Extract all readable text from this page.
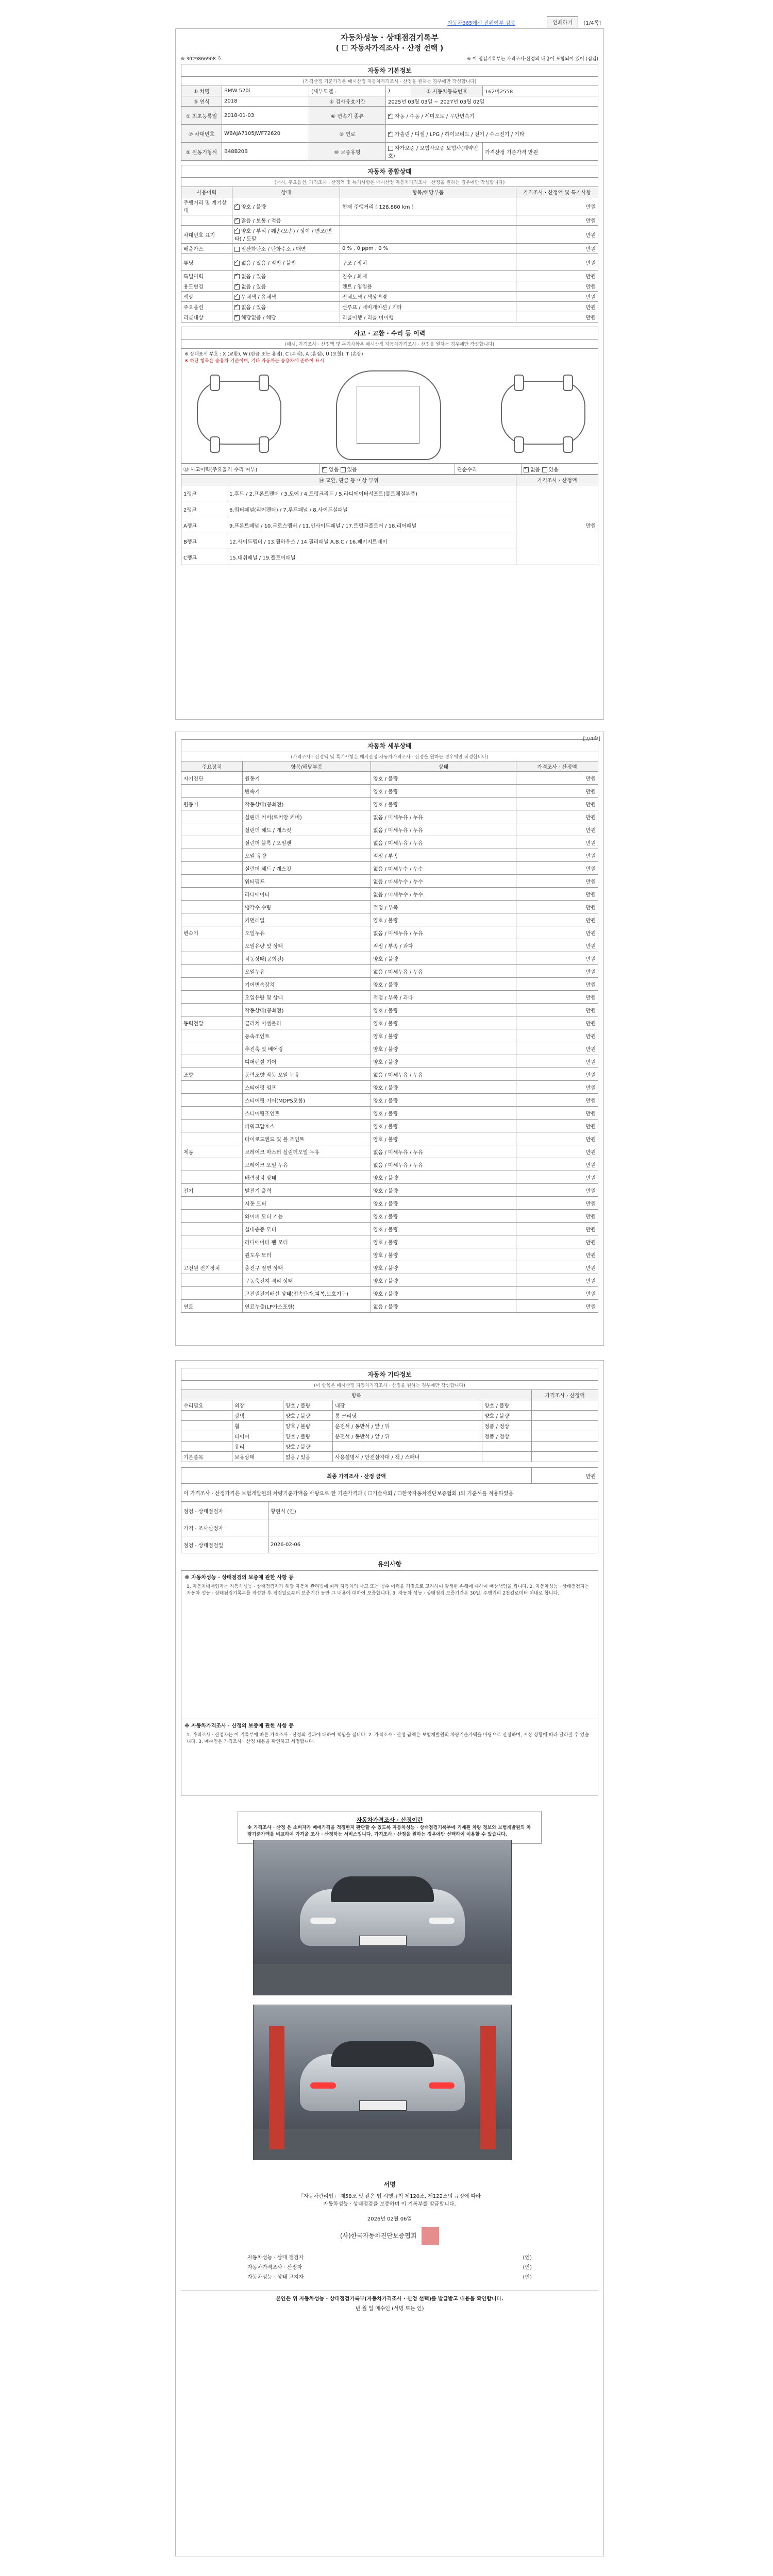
자동차365에서 진위여부 검증	인쇄하기	[1/4쪽]
자동차성능 · 상태점검기록부
( ☐ 자동차가격조사 · 산정 선택 )
※ 3029866908 호	※ 이 점검기록부는 가격조사·산정의 내용이 포함되어 있어 (점검)
자동차 기본정보
(가격산정 기준가격은 매시산정 자동차가격조사 · 산정을 원하는 경우에만 작성합니다)
① 차명	BMW 520i	(세부모델 :	)	② 자동차등록번호	162머2558
③ 연식	2018	④ 검사유효기간	2025년 03월 03일 ~ 2027년 03월 02일		
⑤ 최초등록일	2018-01-03	⑥ 변속기 종류	✓자동 / 수동 / 세미오토 / 무단변속기
⑦ 차대번호	WBAJA7105JWF72620	⑧ 연료	✓가솔린 / 디젤 / LPG / 하이브리드 / 전기 / 수소전기 / 기타
⑨ 원동기형식	B48B20B	⑩ 보증유형	자가보증 / 보험사보증 보험사(계약번호)		가격산정 기준가격 만원
자동차 종합상태
(매시, 주요옵션, 가격조사 · 산정액 및 특기사항은 매시산정 자동차가격조사 · 산정을 원하는 경우에만 작성합니다)
사용이력	상태	항목/해당부품	가격조사 · 산정액 및 특기사항
주행거리 및 계기상태	✓양호 / 불량	현재 주행거리 [ 128,880 km ]	만원
	✓많음 / 보통 / 적음		만원
차대번호 표기	✓양호 / 부식 / 훼손(오손) / 상이 / 변조(변타) / 도말		만원
배출가스	일산화탄소 / 탄화수소 / 매연	0 % , 0 ppm , 0 %	만원
튜닝	✓없음 / 있음 / 적법 / 불법	구조 / 장치	만원
특별이력	✓없음 / 있음	침수 / 화재	만원
용도변경	✓없음 / 있음	렌트 / 영업용	만원
색상	✓무채색 / 유채색	전체도색 / 색상변경	만원
주요옵션	✓없음 / 있음	선루프 / 네비게이션 / 기타	만원
리콜대상	✓해당없음 / 해당	리콜이행 / 리콜 미이행	만원
사고 · 교환 · 수리 등 이력
(매시, 가격조사 · 산정액 및 특기사항은 매시산정 자동차가격조사 · 산정을 원하는 경우에만 작성합니다)
※ 상태표시 부호 : X (교환), W (판금 또는 용접), C (부식), A (흠집), U (요철), T (손상)
※ 하단 항목은 승용차 기준이며, 기타 자동차는 승용차에 준하여 표시
⑬ 사고이력(주요골격 수리 여부)	✓없음 있음	단순수리	✓없음 있음
⑭ 교환, 판금 등 이상 부위		가격조사 · 산정액
1랭크	1.후드 / 2.프론트펜더 / 3.도어 / 4.트렁크리드 / 5.라디에이터서포트(볼트체결부품)	만원
2랭크	6.쿼터패널(리어펜더) / 7.루프패널 / 8.사이드실패널	
A랭크	9.프론트패널 / 10.크로스멤버 / 11.인사이드패널 / 17.트렁크플로어 / 18.리어패널	
B랭크	12.사이드멤버 / 13.휠하우스 / 14.필러패널 A.B.C / 16.패키지트레이	
C랭크	15.대쉬패널 / 19.플로어패널	
[2/4쪽]
자동차 세부상태
(가격조사 · 산정액 및 특기사항은 매시산정 자동차가격조사 · 산정을 원하는 경우에만 작성합니다)
주요장치	항목/해당부품	상태	가격조사 · 산정액
자기진단	원동기	양호 / 불량	만원
	변속기	양호 / 불량	만원
원동기	작동상태(공회전)	양호 / 불량	만원
	실린더 커버(로커암 커버)	없음 / 미세누유 / 누유	만원
	실린더 헤드 / 개스킷	없음 / 미세누유 / 누유	만원
	실린더 블록 / 오일팬	없음 / 미세누유 / 누유	만원
	오일 유량	적정 / 부족	만원
	실린더 헤드 / 개스킷	없음 / 미세누수 / 누수	만원
	워터펌프	없음 / 미세누수 / 누수	만원
	라디에이터	없음 / 미세누수 / 누수	만원
	냉각수 수량	적정 / 부족	만원
	커먼레일	양호 / 불량	만원
변속기	오일누유	없음 / 미세누유 / 누유	만원
	오일유량 및 상태	적정 / 부족 / 과다	만원
	작동상태(공회전)	양호 / 불량	만원
	오일누유	없음 / 미세누유 / 누유	만원
	기어변속장치	양호 / 불량	만원
	오일유량 및 상태	적정 / 부족 / 과다	만원
	작동상태(공회전)	양호 / 불량	만원
동력전달	클러치 어셈블리	양호 / 불량	만원
	등속조인트	양호 / 불량	만원
	추진축 및 베어링	양호 / 불량	만원
	디퍼렌셜 기어	양호 / 불량	만원
조향	동력조향 작동 오일 누유	없음 / 미세누유 / 누유	만원
	스티어링 펌프	양호 / 불량	만원
	스티어링 기어(MDPS포함)	양호 / 불량	만원
	스티어링조인트	양호 / 불량	만원
	파워고압호스	양호 / 불량	만원
	타이로드엔드 및 볼 조인트	양호 / 불량	만원
제동	브레이크 마스터 실린더오일 누유	없음 / 미세누유 / 누유	만원
	브레이크 오일 누유	없음 / 미세누유 / 누유	만원
	배력장치 상태	양호 / 불량	만원
전기	발전기 출력	양호 / 불량	만원
	시동 모터	양호 / 불량	만원
	와이퍼 모터 기능	양호 / 불량	만원
	실내송풍 모터	양호 / 불량	만원
	라디에이터 팬 모터	양호 / 불량	만원
	윈도우 모터	양호 / 불량	만원
고전원 전기장치	충전구 절연 상태	양호 / 불량	만원
	구동축전지 격리 상태	양호 / 불량	만원
	고전원전기배선 상태(접속단자,피복,보호기구)	양호 / 불량	만원
연료	연료누출(LP가스포함)	없음 / 불량	만원
자동차 기타정보
(이 항목은 매시산정 자동차가격조사 · 산정을 원하는 경우에만 작성합니다)
항목					가격조사 · 산정액
수리필요	외장	양호 / 불량	내장	양호 / 불량	
	광택	양호 / 불량	룸 크리닝	양호 / 불량	
	휠	양호 / 불량	운전석 / 동반석 / 앞 / 뒤	정품 / 정상	
	타이어	양호 / 불량	운전석 / 동반석 / 앞 / 뒤	정품 / 정상	
	유리	양호 / 불량			
기본품목	보유상태	없음 / 있음	사용설명서 / 안전삼각대 / 잭 / 스패너		
최종 가격조사 · 산정 금액	만원
이 가격조사 · 산정가격은 보험개발원의 차량기준가액을 바탕으로 한 기준가격과 ( ☐기술사회 / ☐한국자동차진단보증협회 )의 기준서를 적용하였음
점검 · 상태점검자	황현식 (인)
가격 · 조사산정자	
점검 · 상태점검일	2026-02-06
유의사항
※ 자동차성능 · 상태점검의 보증에 관한 사항 등

1. 자동차매매업자는 자동차성능 · 상태점검자가 해당 자동차 관리법에 따라 자동차의 사고 또는 침수 이력을 거짓으로 고지하여 발생한 손해에 대하여 배상책임을 집니다. 2. 자동차성능 · 상태점검자는 자동차 성능 · 상태점검기록부를 작성한 후 점검일로부터 보증기간 동안 그 내용에 대하여 보증합니다. 3. 자동차 성능 · 상태점검 보증기간은 30일, 주행거리 2천킬로미터 이내로 합니다.

※ 자동차가격조사 · 산정의 보증에 관한 사항 등

1. 가격조사 · 산정자는 이 기록부에 따른 가격조사 · 산정의 결과에 대하여 책임을 집니다. 2. 가격조사 · 산정 금액은 보험개발원의 차량기준가액을 바탕으로 산정하며, 시장 상황에 따라 달라질 수 있습니다. 3. 매수인은 가격조사 · 산정 내용을 확인하고 서명합니다.

자동차가격조사 · 산정이란

※ 가격조사 · 산정 은 소비자가 매매가격을 적정한지 판단할 수 있도록 자동차성능 · 상태점검기록부에 기재된 차량 정보와 보험개발원의 차량기준가액을 비교하여 가격을 조사 · 산정하는 서비스입니다. 가격조사 · 산정을 원하는 경우에만 선택하여 이용할 수 있습니다.

서명
「자동차관리법」 제58조 및 같은 법 시행규칙 제120조, 제122조의 규정에 따라
자동차성능 · 상태점검을 보증하며 이 기록부를 발급합니다.
2026년 02월 06일
(사)한국자동차진단보증협회
자동차성능 · 상태 점검자		(인)
자동차가격조사 · 산정자		(인)
자동차성능 · 상태 고지자		(인)
본인은 위 자동차성능 · 상태점검기록부(자동차가격조사 · 산정 선택)를 발급받고 내용을 확인합니다.
년 월 일 매수인 (서명 또는 인)
